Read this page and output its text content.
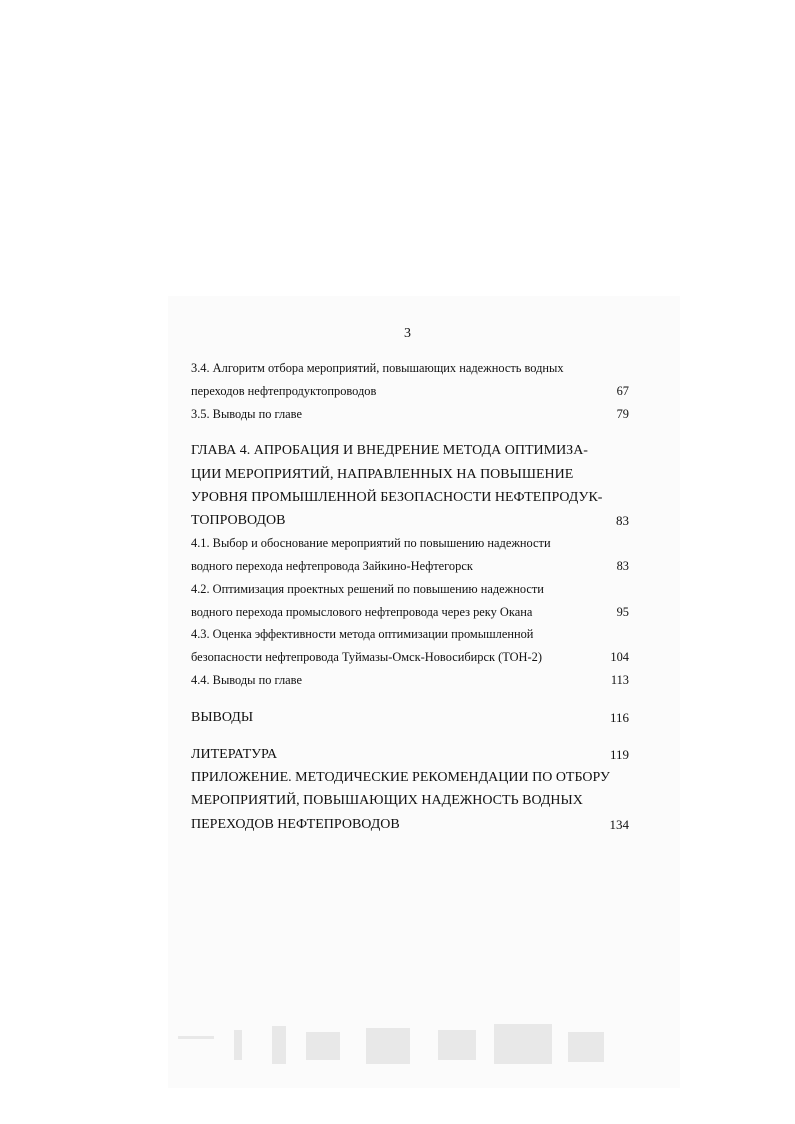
3
3.4. Алгоритм отбора мероприятий, повышающих надежность водных
переходов нефтепродуктопроводов	67
3.5. Выводы по главе	79
ГЛАВА 4. АПРОБАЦИЯ И ВНЕДРЕНИЕ МЕТОДА ОПТИМИЗА-
ЦИИ МЕРОПРИЯТИЙ, НАПРАВЛЕННЫХ НА ПОВЫШЕНИЕ
УРОВНЯ ПРОМЫШЛЕННОЙ БЕЗОПАСНОСТИ НЕФТЕПРОДУК-
ТОПРОВОДОВ	83
4.1. Выбор и обоснование мероприятий по повышению надежности
водного перехода нефтепровода Зайкино-Нефтегорск	83
4.2. Оптимизация проектных решений по повышению надежности
водного перехода промыслового нефтепровода через реку Окана	95
4.3. Оценка эффективности метода оптимизации промышленной
безопасности нефтепровода Туймазы-Омск-Новосибирск (ТОН-2)	104
4.4. Выводы по главе	113
ВЫВОДЫ	116
ЛИТЕРАТУРА	119
ПРИЛОЖЕНИЕ. МЕТОДИЧЕСКИЕ РЕКОМЕНДАЦИИ ПО ОТБОРУ
МЕРОПРИЯТИЙ, ПОВЫШАЮЩИХ НАДЕЖНОСТЬ ВОДНЫХ
ПЕРЕХОДОВ НЕФТЕПРОВОДОВ	134
